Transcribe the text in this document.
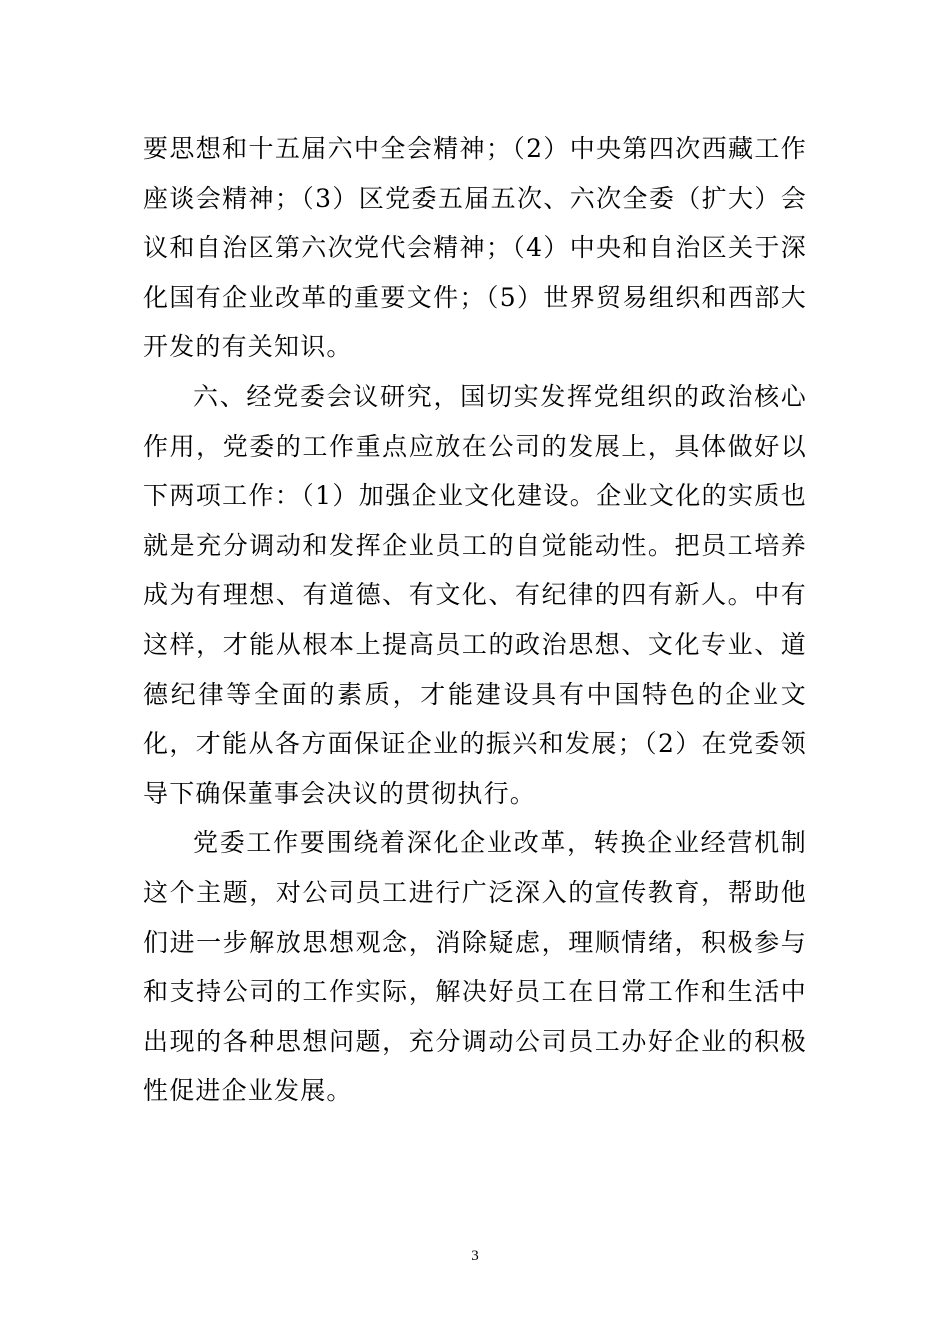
要思想和十五届六中全会精神；（2）中央第四次西藏工作座谈会精神；（3）区党委五届五次、六次全委（扩大）会议和自治区第六次党代会精神；（4）中央和自治区关于深化国有企业改革的重要文件；（5）世界贸易组织和西部大开发的有关知识。

六、经党委会议研究，国切实发挥党组织的政治核心作用，党委的工作重点应放在公司的发展上，具体做好以下两项工作：（1）加强企业文化建设。企业文化的实质也就是充分调动和发挥企业员工的自觉能动性。把员工培养成为有理想、有道德、有文化、有纪律的四有新人。中有这样，才能从根本上提高员工的政治思想、文化专业、道德纪律等全面的素质，才能建设具有中国特色的企业文化，才能从各方面保证企业的振兴和发展；（2）在党委领导下确保董事会决议的贯彻执行。

党委工作要围绕着深化企业改革，转换企业经营机制这个主题，对公司员工进行广泛深入的宣传教育，帮助他们进一步解放思想观念，消除疑虑，理顺情绪，积极参与和支持公司的工作实际，解决好员工在日常工作和生活中出现的各种思想问题，充分调动公司员工办好企业的积极性促进企业发展。

3
